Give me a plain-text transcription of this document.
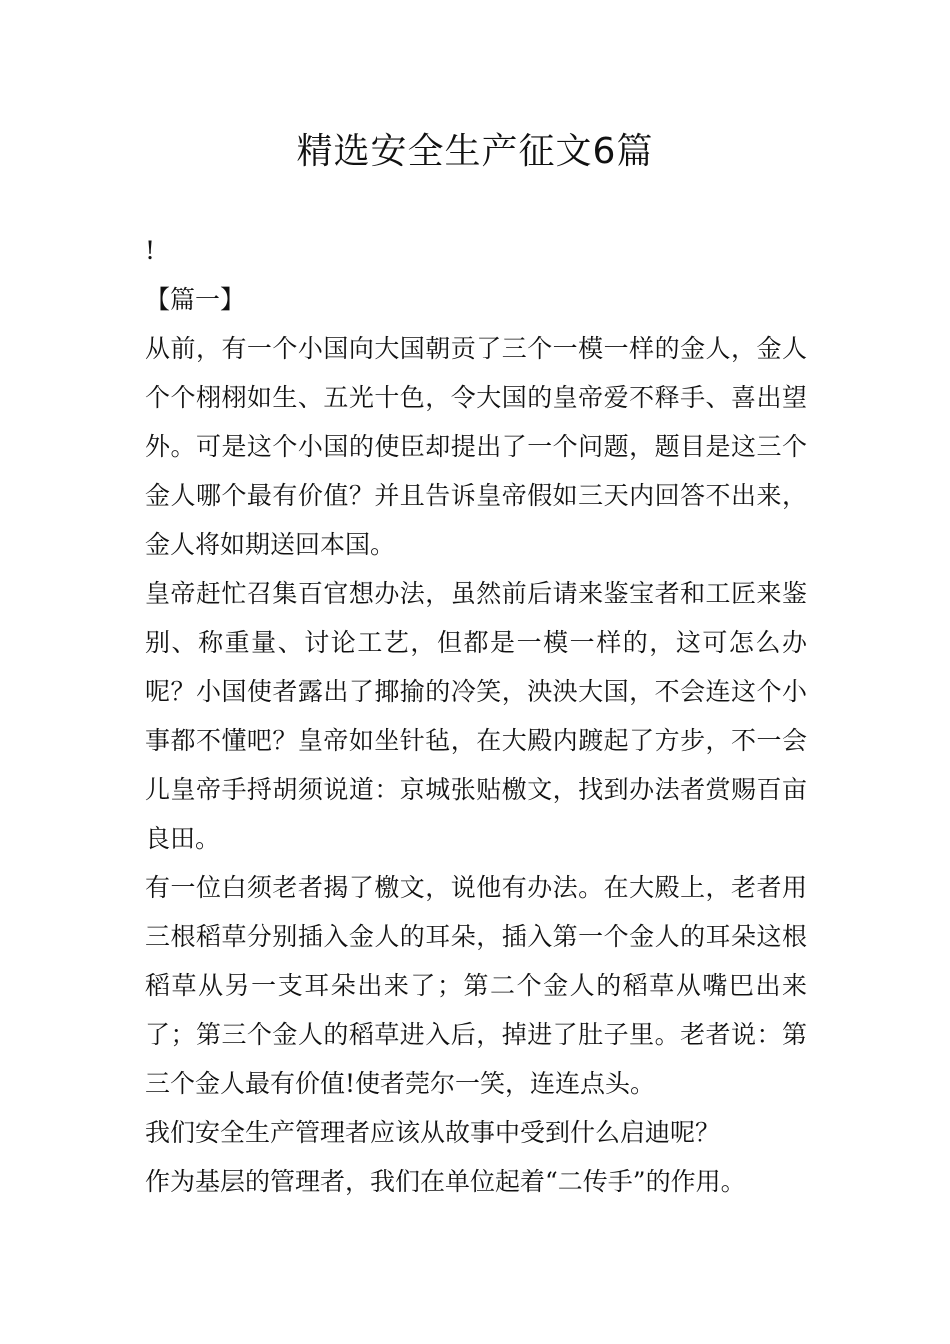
精选安全生产征文6篇

!

【篇一】

从前，有一个小国向大国朝贡了三个一模一样的金人，金人个个栩栩如生、五光十色，令大国的皇帝爱不释手、喜出望外。可是这个小国的使臣却提出了一个问题，题目是这三个金人哪个最有价值？并且告诉皇帝假如三天内回答不出来，金人将如期送回本国。

皇帝赶忙召集百官想办法，虽然前后请来鉴宝者和工匠来鉴别、称重量、讨论工艺，但都是一模一样的，这可怎么办呢？小国使者露出了揶揄的冷笑，泱泱大国，不会连这个小事都不懂吧？皇帝如坐针毡，在大殿内踱起了方步，不一会儿皇帝手捋胡须说道：京城张贴檄文，找到办法者赏赐百亩良田。

有一位白须老者揭了檄文，说他有办法。在大殿上，老者用三根稻草分别插入金人的耳朵，插入第一个金人的耳朵这根稻草从另一支耳朵出来了；第二个金人的稻草从嘴巴出来了；第三个金人的稻草进入后，掉进了肚子里。老者说：第三个金人最有价值!使者莞尔一笑，连连点头。

我们安全生产管理者应该从故事中受到什么启迪呢？

作为基层的管理者，我们在单位起着“二传手”的作用。
